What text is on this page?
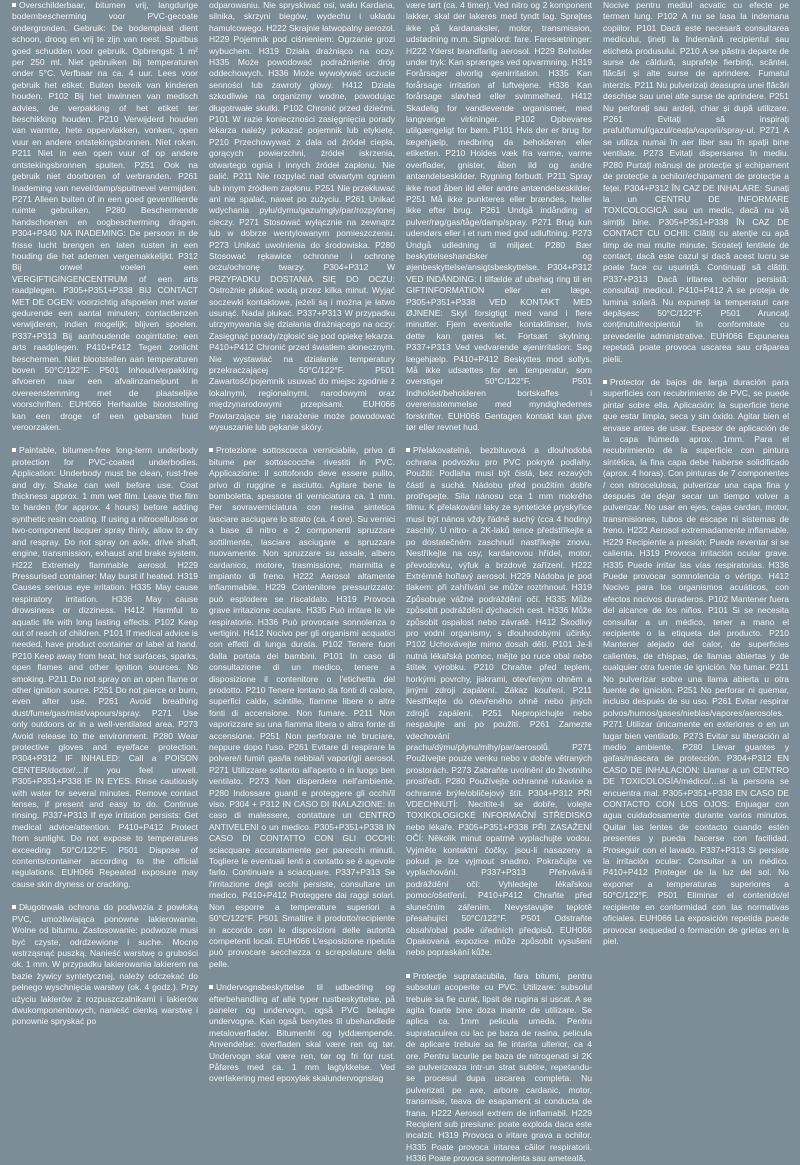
Overschilderbaar, bitumen vrij, langdurige bodembescherming voor PVC-gecoate ondergronden. Gebruik: De bodemplaat dient schoon, droog en vrij te zijn van roest. Spuitbus goed schudden voor gebruik. Opbrengst: 1 m² per 250 ml. Niet gebruiken bij temperaturen onder 5°C. Verfbaar na ca. 4 uur. Lees voor gebruik het etiket. Buiten bereik van kinderen houden. P102 Bij het inwinnen van medisch advies, de verpakking of het etiket ter beschikking houden. P210 Verwijderd houden van warmte, hete oppervlakken, vonken, open vuur en andere ontstekingsbronnen. Niet roken. P211 Niet in een open vuur of op andere ontstekingsbronnen spuiten. P251 Ook na gebruik niet doorboren of verbranden. P261 Inademing van nevel/damp/spuitnevel vermijden. P271 Alleen buiten of in een goed geventileerde ruimte gebruiken. P280 Beschermende handschoenen en oogbescherming dragen. P304+P340 NA INADEMING: De persoon in de frisse lucht brengen en laten rusten in een houding die het ademen vergemakkelijkt. P312 Bij onwel voelen een VERGIFTIGINGENCENTRUM of een arts raadplegen. P305+P351+P338 BIJ CONTACT MET DE OGEN: voorzichtig afspoelen met water gedurende een aantal minuten; contactlenzen verwijderen, indien mogelijk; blijven spoelen. P337+P313 Bij aanhoudende oogirritatie: een arts raadplegen. P410+P412 Tegen zonlicht beschermen. Niet blootstellen aan temperaturen boven 50°C/122°F. P501 Inhoud/verpakking afvoeren naar een afvalinzamelpunt in overeenstemming met de plaatselijke voorschriften. EUH066 Herhaalde blootstelling kan een droge of een gebarsten huid veroorzaken.

Paintable, bitumen-free long-term underbody protection for PVC-coated underbodies. Application: Underbody must be clean, rust-free and dry. Shake can well before use. Coat thickness approx. 1 mm wet film. Leave the film to harden (for approx. 4 hours) before adding synthetic resin coating. If using a nitrocellulose or two-component lacquer spray thinly, allow to dry and respray. Do not spray on axle, drive shaft, engine, transmission, exhaust and brake system. H222 Extremely flammable aerosol. H229 Pressurised container: May burst if heated. H319 Causes serious eye irritation. H335 May cause respiratory irritation. H336 May cause drowsiness or dizziness. H412 Harmful to aquatic life with long lasting effects. P102 Keep out of reach of children. P101 If medical advice is needed, have product container or label at hand. P210 Keep away from heat, hot surfaces, sparks, open flames and other ignition sources. No smoking. P211 Do not spray on an open flame or other ignition source. P251 Do not pierce or burn, even after use. P261 Avoid breathing dust/fume/gas/mist/vapours/spray. P271 Use only outdoors or in a well-ventilated area. P273 Avoid release to the environment. P280 Wear protective gloves and eye/face protection. P304+P312 IF INHALED: Call a POISON CENTER/doctor/…if you feel unwell. P305+P351+P338 IF IN EYES: Rinse cautiously with water for several minutes. Remove contact lenses, if present and easy to do. Continue rinsing. P337+P313 If eye irritation persists: Get medical advice/attention. P410+P412 Protect from sunlight. Do not expose to temperatures exceeding 50°C/122°F. P501 Dispose of contents/container according to the official regulations. EUH066 Repeated exposure may cause skin dryness or cracking.

Długotrwała ochrona do podwozia z powłoką PVC, umożliwiająca ponowne lakierowanie. Wolne od bitumu. Zastosowanie: podwozie musi być czyste, odrdzewione i suche. Mocno wstrząsnąć puszką. Nanieść warstwę o grubości ok. 1 mm. W przypadku lakierowania lakierem na bazie żywicy syntetycznej, należy odczekać do pełnego wyschnięcia warstwy (ok. 4 godz.). Przy użyciu lakierów z rozpuszczalnikami i lakierów dwukomponentowych, nanieść cienką warstwę i ponownie spryskać po

odparowaniu. Nie spryskiwać osi, wału Kardana, silnika, skrzyni biegów, wydechu i układu hamulcowego. H222 Skrajnie łatwopalny aerozol. H229 Pojemnik pod ciśnieniem: Ogrzanie grozi wybuchem. H319 Działa drażniąco na oczy. H335 Może powodować podrażnienie dróg oddechowych. H336 Może wywoływać uczucie senności lub zawroty głowy. H412 Działa szkodliwie na organizmy wodne, powodując długotrwałe skutki. P102 Chronić przed dziećmi. P101 W razie konieczności zasięgnięcia porady lekarza należy pokazać pojemnik lub etykietę. P210 Przechowywać z dala od źródeł ciepła, gorących powierzchni, źródeł iskrzenia, otwartego ognia i innych źródeł zapłonu. Nie palić. P211 Nie rozpylać nad otwartym ogniem lub innym źródłem zapłonu. P251 Nie przekłuwać ani nie spalać, nawet po zużyciu. P261 Unikać wdychania pyłu/dymu/gazu/mgły/par/rozpylonej cieczy. P271 Stosować wyłącznie na zewnątrz lub w dobrze wentylowanym pomieszczeniu. P273 Unikać uwolnienia do środowiska. P280 Stosować rękawice ochronne i ochronę oczu/ochronę twarzy. P304+P312 W PRZYPADKU DOSTANIA SIĘ DO OCZU: Ostrożnie płukać wodą przez kilka minut. Wyjąć soczewki kontaktowe, jeżeli są i można je łatwo usunąć. Nadal płukać. P337+P313 W przypadku utrzymywania się działania drażniącego na oczy: Zasięgnąć porady/zgłosić się pod opiekę lekarza. P410+P412 Chronić przed światłem słonecznym. Nie wystawiać na działanie temperatury przekraczającej 50°C/122°F. P501 Zawartość/pojemnik usuwać do miejsc zgodnie z lokalnymi, regionalnymi, narodowymi oraz międzynarodowymi przepisami. EUH066 Powtarzające się narażenie może powodować wysuszanie lub pękanie skóry.

Protezione sottoscocca verniciabile, privo di bitume per sottoscocche rivestiti in PVC. Applicazione: il sottofondo deve essere pulito, privo di ruggine e asciutto. Agitare bene la bomboletta, spessore di verniciatura ca. 1 mm. Per sovraverniciatura con resina sintetica lasciare asciugare lo strato (ca. 4 ore). Su vernici a base di nitro e 2 componenti spruzzare sottilmente, lasciare asciugare e spruzzare nuovamente. Non spruzzare su assale, albero cardanico, motore, trasmissione, marmitta e impianto di freno. H222 Aerosol altamente infiammabile. H229 Contenitore pressurizzato: può esplodere se riscaldato. H319 Provoca grave irritazione oculare. H335 Può irritare le vie respiratorie. H336 Può provocare sonnolenza o vertigini. H412 Nocivo per gli organismi acquatici con effetti di lunga durata. P102 Tenere fuori dalla portata dei bambini. P101 In caso di consultazione di un medico, tenere a disposizione il contenitore o l'etichetta del prodotto. P210 Tenere lontano da fonti di calore, superfici calde, scintille, fiamme libere o altre fonti di accensione. Non fumare. P211 Non vaporizzare su una fiamma libera o altra fonte di accensione. P251 Non perforare né bruciare, neppure dopo l'uso. P261 Evitare di respirare la polvere/i fumi/i gas/la nebbia/i vapori/gli aerosol. P271 Utilizzare soltanto all'aperto o in luogo ben ventilato. P273 Non disperdere nell'ambiente. P280 Indossare guanti e proteggere gli occhi/il viso. P304 + P312 IN CASO DI INALAZIONE: In caso di malessere, contattare un CENTRO ANTIVELENI o un medico. P305+P351+P338 IN CASO DI CONTATTO CON GLI OCCHI: sciacquare accuratamente per parecchi minuti. Togliere le eventuali lenti a contatto se è agevole farlo. Continuare a sciacquare. P337+P313 Se l'irritazione degli occhi persiste, consultare un medico. P410+P412 Proteggere dai raggi solari. Non esporre a temperature superiori a 50°C/122°F. P501 Smaltire il prodotto/recipiente in accordo con le disposizioni delle autorità competenti locali. EUH066 L'esposizione ripetuta può provocare secchezza o screpolature della pelle.

Undervognsbeskyttelse til udbedring og efterbehandling af alle typer rustbeskyttelse, på paneler og undervogn, også PVC belagte undervogne. Kan også benyttes til ubehandlede metaloverflader. Bitumenfri og lyddæmpende. Anvendelse: overfladen skal være ren og tør. Undervogn skal være ren, tør og fri for rust. Påføres med ca. 1 mm lagtykkelse. Ved overlakering med epoxylak skalundervognslag

være tørt (ca. 4 timer). Ved nitro og 2 komponent lakker, skal der lakeres med tyndt lag. Sprøjtes ikke på kardanaksler, motor, transmission, udstødning m.m. Signalord: fare. Faresætninger: H222 Yderst brandfarlig aerosol. H229 Beholder under tryk: Kan sprænges ved opvarmning. H319 Forårsager alvorlig øjenirritation. H335 Kan forårsage irritation af luftvejene. H336 Kan forårsage sløvhed eller svimmelhed. H412 Skadelig for vandlevende organismer, med langvarige virkninger. P102 Opbevares utilgængeligt for børn. P101 Hvis der er brug for lægehjælp, medbring da beholderen eller etiketten. P210 Holdes væk fra varme, varme overflader, gnister, åben ild og andre antændelseskilder. Rygning forbudt. P211 Spray ikke mod åben ild eller andre antændelseskilder. P251 Må ikke punkteres eller brændes, heller ikke efter brug. P261 Undgå indånding af pulver/røg/gas/tåge/damp/spray. P271 Brug kun udendørs eller i et rum med god udluftning. P273 Undgå udledning til miljøet. P280 Bær beskyttelseshandsker og øjenbeskyttelse/ansigtsbeskyttelse. P304+P312 VED INDÅNDING: I tilfælde af ubehag ring til en GIFTINFORMATION eller en læge. P305+P351+P338 VED KONTAKT MED ØJNENE: Skyl forsigtigt med vand i flere minutter. Fjern eventuelle kontaktlinser, hvis dette kan gøres let. Fortsæt skylning. P337+P313 Ved vedvarende øjenirritation: Søg lægehjælp. P410+P412 Beskyttes mod sollys. Må ikke udsættes for en temperatur, som overstiger 50°C/122°F. P501 Indholdet/beholderen bortskaffes i overensstemmelse med myndighedernes forskrifter. EUH066 Gentagen kontakt kan give tør eller revnet hud.

Přelakovatelná, bezbituvová a dlouhodobá ochrana podvozku pro PVC pokryté podlahy. Použití: Podlaha musí být čistá, bez rezavých částí a suchá. Nádobu před použitím dobře protřepejte. Síla nánosu cca 1 mm mokrého filmu. K přelakování laky ze syntetické pryskyřice musí být nános vždy řádně suchý (cca 4 hodiny) zaschlý. U nitro- a 2K-laků tence předstříkejte a po dostatečném zaschnutí nastříkejte znovu. Nestříkejte na osy, kardanovou hřídel, motor, převodovku, výfuk a brzdové zařízení. H222 Extrémně hořlavý aerosol. H229 Nádoba je pod tlakem: při zahřívání se může roztrhnout. H319 Způsobuje vážné podráždění očí. H335 Může způsobit podráždění dýchacích cest. H336 Může způsobit ospalost nebo závratě. H412 Škodlivý pro vodní organismy, s dlouhodobými účinky. P102 Uchovávejte mimo dosah dětí. P101 Je-li nutná lékařská pomoc, mějte po ruce obal nebo štítek výrobku. P210 Chraňte před teplem, horkými povrchy, jiskrami, otevřeným ohněm a jinými zdroji zapálení. Zákaz kouření. P211 Nestříkejte do otevřeného ohně nebo jiných zdrojů zapálení. P251 Nepropichujte nebo nespalujte ani po použití. P261 Zamezte vdechování prachu/dýmu/plynu/mlhy/par/aerosolů. P271 Používejte pouze venku nebo v dobře větraných prostorách. P273 Zabraňte uvolnění do životního prostředí. P280 Používejte ochranné rukavice a ochranné brýle/obličejový štít. P304+P312 PŘI VDECHNUTÍ: Necítíte-li se dobře, volejte TOXIKOLOGICKÉ INFORMAČNÍ STŘEDISKO nebo lékaře. P305+P351+P338 PŘI ZASAŽENÍ OČÍ: Několik minut opatrně vyplachujte vodou. Vyjměte kontaktní čočky, jsou-li nasazeny a pokud je lze vyjmout snadno. Pokračujte ve vyplachování. P337+P313 Přetrvává-li podráždění očí: Vyhledejte lékařskou pomoc/ošetření. P410+P412 Chraňte před slunečním zářením. Nevystavujte teplotě přesahující 50°C/122°F. P501 Odstraňte obsah/obal podle úředních předpisů. EUH066 Opakovaná expozice může způsobit vysušení nebo popraskání kůže.

Protecție supratacubila, fara bitumi, pentru subsoluri acoperite cu PVC. Utilizare: subsolul trebuie sa fie curat, lipsit de rugina si uscat. A se agita foarte bine doza inainte de utilizare. Se aplica ca. 1mm pelicula umeda. Pentru supratacuirea cu lac pe baza de rasina, pelicula de aplicare trebuie sa fie intarita ulterior, ca 4 ore. Pentru lacurile pe baza de nitrogenati si 2K se pulverizeaza intr-un strat subtire, repetandu-se procesul dupa uscarea completa. Nu pulverizati pe axe, arbore cardanic, motor, transmisie, teava de esapament si conducta de frana. H222 Aerosol extrem de inflamabil. H229 Recipient sub presiune: poate exploda daca este incalzit. H319 Provoca o iritare grava a ochilor. H335 Poate provoca iritarea căilor respiratorii. H336 Poate provoca somnolenta sau ameteală.

Nocive pentru mediul acvatic cu efecte pe termen lung. P102 A nu se lasa la indemana copiilor. P101 Dacă este necesară consultarea medicului, țineți la îndemână recipientul sau eticheta produsului. P210 A se păstra departe de surse de căldură, suprafețe fierbinți, scântei, flăcări și alte surse de aprindere. Fumatul interzis. P211 Nu pulverizați deasupra unei flăcări deschise sau unei alte surse de aprindere. P251 Nu perforați sau ardeți, chiar și după utilizare. P261 Evitați să inspirați praful/fumul/gazul/ceața/vaporii/spray-ul. P271 A se utiliza numai în aer liber sau în spații bine ventilate. P273 Evitați dispersarea în mediu. P280 Purtați mănuși de protecție și echipament de protecție a ochilor/echipament de protecție a feței. P304+P312 ÎN CAZ DE INHALARE: Sunați la un CENTRU DE INFORMARE TOXICOLOGICĂ sau un medic, dacă nu vă simțiți bine. P305+P351+P338 ÎN CAZ DE CONTACT CU OCHII: Clătiți cu atenție cu apă timp de mai multe minute. Scoateți lentilele de contact, dacă este cazul și dacă acest lucru se poate face cu ușurință. Continuați să clătiți. P337+P313 Dacă iritarea ochilor persistă: consultați medicul. P410+P412 A se proteja de lumina solară. Nu expuneți la temperaturi care depășesc 50°C/122°F. P501 Aruncați conținutul/recipientul în conformitate cu prevederile administrative. EUH066 Expunerea repetată poate provoca uscarea sau crăparea pielii.

Protector de bajos de larga duración para superficies con recubrimiento de PVC, se puede pintar sobre ella. Aplicación: la superficie tiene que estar limpia, seca y sin óxido. Agitar bien el envase antes de usar. Espesor de aplicación de la capa húmeda aprox. 1mm. Para el recubrimiento de la superficie con pintura sintética, la fina capa debe haberse solidificado (aprox. 4 horas). Con pinturas de 7 componentes / con nitrocelulosa, pulverizar una capa fina y después de dejar secar un tiempo volver a pulverizar. No usar en ejes, cajas cardan, motor, transmisiones, tubos de escape ni sistemas de freno. H222 Aerosol extremadamente inflamable. H229 Recipiente a presión: Puede reventar si se calienta. H319 Provoca irritación ocular grave. H335 Puede irritar las vías respiratorias. H336 Puede provocar somnolencia o vértigo. H412 Nocivo para los organismos acuáticos, con efectos nocivos duraderos. P102 Mantener fuera del alcance de los niños. P101 Si se necesita consultar a un médico, tener a mano el recipiente o la etiqueta del producto. P210 Mantener alejado del calor, de superficies calientes, de chispas, de llamas abiertas y de cualquier otra fuente de ignición. No fumar. P211 No pulverizar sobre una llama abierta u otra fuente de ignición. P251 No perforar ni quemar, incluso después de su uso. P261 Evitar respirar polvos/humos/gases/nieblas/vapores/aerosoles. P271 Utilizar únicamente en exteriores o en un lugar bien ventilado. P273 Evitar su liberación al medio ambiente. P280 Llevar guantes y gafas/máscara de protección. P304+P312 EN CASO DE INHALACIÓN: Llamar a un CENTRO DE TOXICOLOGÍA/médico/…si la persona se encuentra mal. P305+P351+P338 EN CASO DE CONTACTO CON LOS OJOS: Enjuagar con agua cuidadosamente durante varios minutos. Quitar las lentes de contacto cuando estén presentes y pueda hacerse con facilidad. Proseguir con el lavado. P337+P313 Si persiste la irritación ocular: Consultar a un médico. P410+P412 Proteger de la luz del sol. No exponer a temperaturas superiores a 50°C/122°F. P501 Eliminar el contenido/el recipiente en conformidad con las normativas oficiales. EUH066 La exposición repetida puede provocar sequedad o formación de grietas en la piel.
